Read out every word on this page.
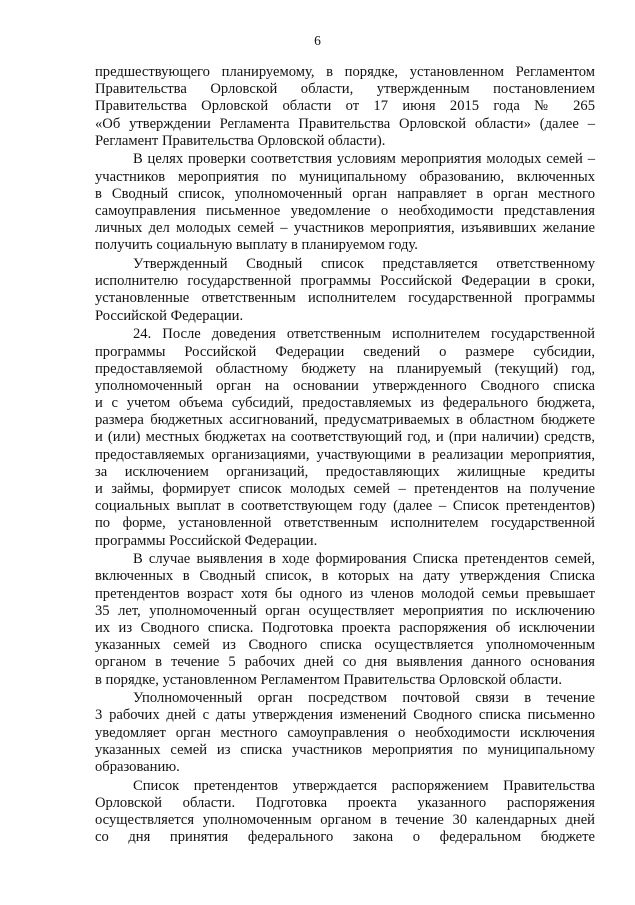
6

предшествующего планируемому, в порядке, установленном Регламентом
Правительства Орловской области, утвержденным постановлением
Правительства Орловской области от 17 июня 2015 года № 265
«Об утверждении Регламента Правительства Орловской области» (далее –
Регламент Правительства Орловской области).

В целях проверки соответствия условиям мероприятия молодых семей –
участников мероприятия по муниципальному образованию, включенных
в Сводный список, уполномоченный орган направляет в орган местного
самоуправления письменное уведомление о необходимости представления
личных дел молодых семей – участников мероприятия, изъявивших желание
получить социальную выплату в планируемом году.

Утвержденный Сводный список представляется ответственному
исполнителю государственной программы Российской Федерации в сроки,
установленные ответственным исполнителем государственной программы
Российской Федерации.

24. После доведения ответственным исполнителем государственной
программы Российской Федерации сведений о размере субсидии,
предоставляемой областному бюджету на планируемый (текущий) год,
уполномоченный орган на основании утвержденного Сводного списка
и с учетом объема субсидий, предоставляемых из федерального бюджета,
размера бюджетных ассигнований, предусматриваемых в областном бюджете
и (или) местных бюджетах на соответствующий год, и (при наличии) средств,
предоставляемых организациями, участвующими в реализации мероприятия,
за исключением организаций, предоставляющих жилищные кредиты
и займы, формирует список молодых семей – претендентов на получение
социальных выплат в соответствующем году (далее – Список претендентов)
по форме, установленной ответственным исполнителем государственной
программы Российской Федерации.

В случае выявления в ходе формирования Списка претендентов семей,
включенных в Сводный список, в которых на дату утверждения Списка
претендентов возраст хотя бы одного из членов молодой семьи превышает
35 лет, уполномоченный орган осуществляет мероприятия по исключению
их из Сводного списка. Подготовка проекта распоряжения об исключении
указанных семей из Сводного списка осуществляется уполномоченным
органом в течение 5 рабочих дней со дня выявления данного основания
в порядке, установленном Регламентом Правительства Орловской области.

Уполномоченный орган посредством почтовой связи в течение
3 рабочих дней с даты утверждения изменений Сводного списка письменно
уведомляет орган местного самоуправления о необходимости исключения
указанных семей из списка участников мероприятия по муниципальному
образованию.

Список претендентов утверждается распоряжением Правительства
Орловской области. Подготовка проекта указанного распоряжения
осуществляется уполномоченным органом в течение 30 календарных дней
со дня принятия федерального закона о федеральном бюджете
